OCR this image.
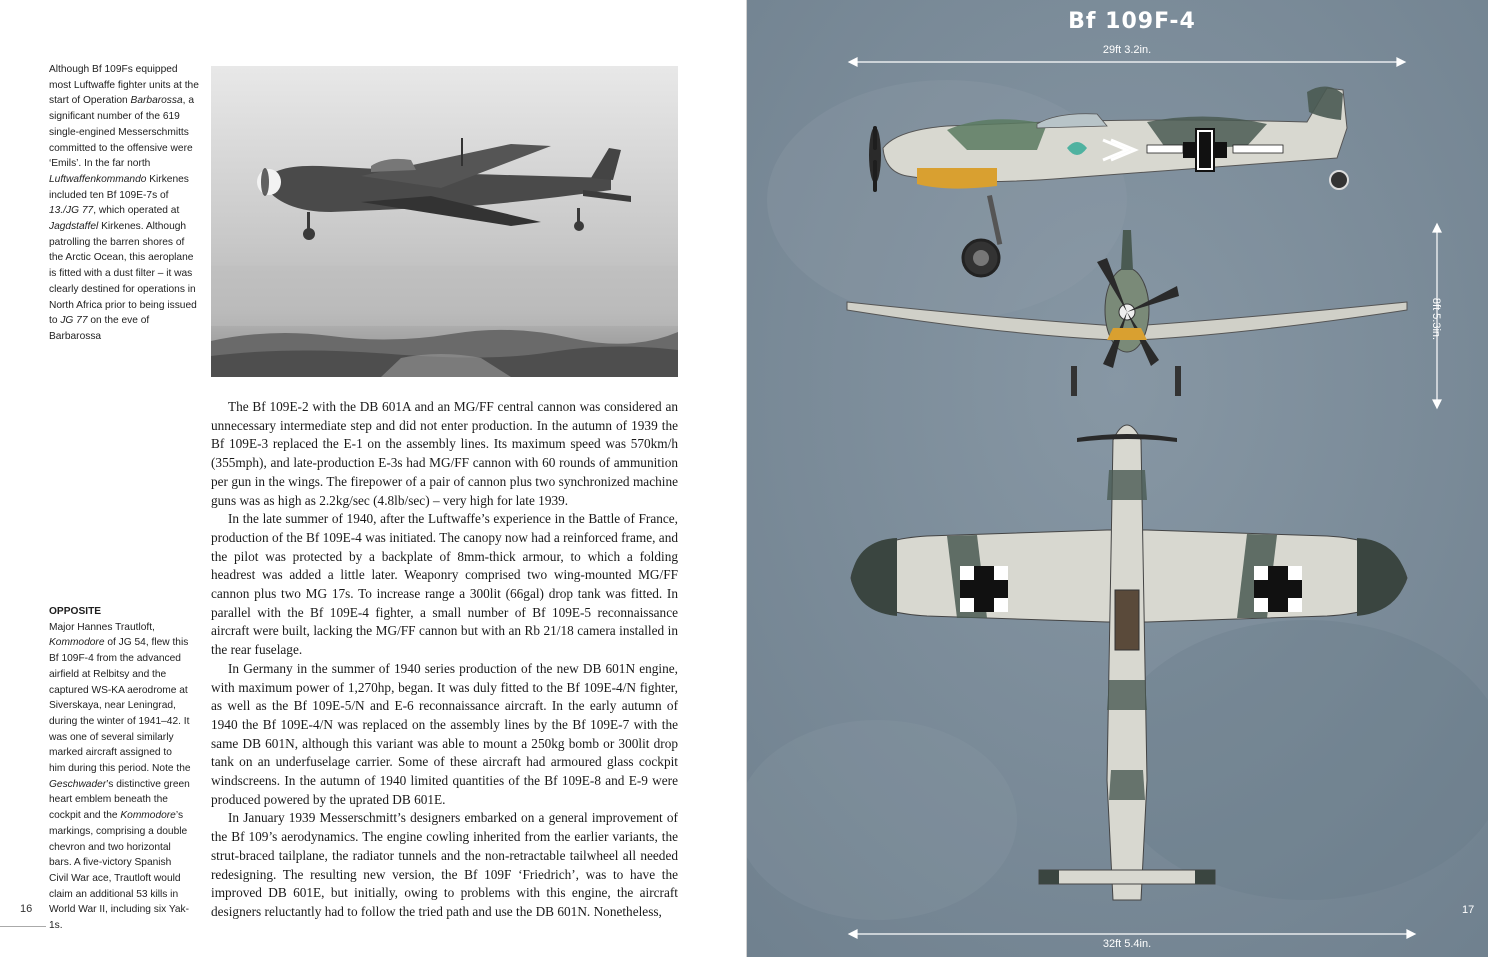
Although Bf 109Fs equipped most Luftwaffe fighter units at the start of Operation Barbarossa, a significant number of the 619 single-engined Messerschmitts committed to the offensive were ‘Emils’. In the far north Luftwaffenkommando Kirkenes included ten Bf 109E-7s of 13./JG 77, which operated at Jagdstaffel Kirkenes. Although patrolling the barren shores of the Arctic Ocean, this aeroplane is fitted with a dust filter – it was clearly destined for operations in North Africa prior to being issued to JG 77 on the eve of Barbarossa

The Bf 109E-2 with the DB 601A and an MG/FF central cannon was considered an unnecessary intermediate step and did not enter production. In the autumn of 1939 the Bf 109E-3 replaced the E-1 on the assembly lines. Its maximum speed was 570km/h (355mph), and late-production E-3s had MG/FF cannon with 60 rounds of ammunition per gun in the wings. The firepower of a pair of cannon plus two synchronized machine guns was as high as 2.2kg/sec (4.8lb/sec) – very high for late 1939.

In the late summer of 1940, after the Luftwaffe’s experience in the Battle of France, production of the Bf 109E-4 was initiated. The canopy now had a reinforced frame, and the pilot was protected by a backplate of 8mm-thick armour, to which a folding headrest was added a little later. Weaponry comprised two wing-mounted MG/FF cannon plus two MG 17s. To increase range a 300lit (66gal) drop tank was fitted. In parallel with the Bf 109E-4 fighter, a small number of Bf 109E-5 reconnaissance aircraft were built, lacking the MG/FF cannon but with an Rb 21/18 camera installed in the rear fuselage.

In Germany in the summer of 1940 series production of the new DB 601N engine, with maximum power of 1,270hp, began. It was duly fitted to the Bf 109E-4/N fighter, as well as the Bf 109E-5/N and E-6 reconnaissance aircraft. In the early autumn of 1940 the Bf 109E-4/N was replaced on the assembly lines by the Bf 109E-7 with the same DB 601N, although this variant was able to mount a 250kg bomb or 300lit drop tank on an underfuselage carrier. Some of these aircraft had armoured glass cockpit windscreens. In the autumn of 1940 limited quantities of the Bf 109E-8 and E-9 were produced powered by the uprated DB 601E.

In January 1939 Messerschmitt’s designers embarked on a general improvement of the Bf 109’s aerodynamics. The engine cowling inherited from the earlier variants, the strut-braced tailplane, the radiator tunnels and the non-retractable tailwheel all needed redesigning. The resulting new version, the Bf 109F ‘Friedrich’, was to have the improved DB 601E, but initially, owing to problems with this engine, the aircraft designers reluctantly had to follow the tried path and use the DB 601N. Nonetheless,

OPPOSITE
Major Hannes Trautloft, Kommodore of JG 54, flew this Bf 109F-4 from the advanced airfield at Relbitsy and the captured WS-KA aerodrome at Siverskaya, near Leningrad, during the winter of 1941–42. It was one of several similarly marked aircraft assigned to him during this period. Note the Geschwader’s distinctive green heart emblem beneath the cockpit and the Kommodore’s markings, comprising a double chevron and two horizontal bars. A five-victory Spanish Civil War ace, Trautloft would claim an additional 53 kills in World War II, including six Yak-1s.
16
Bf 109F-4
29ft 3.2in.
8ft 5.3in.
32ft 5.4in.
17
